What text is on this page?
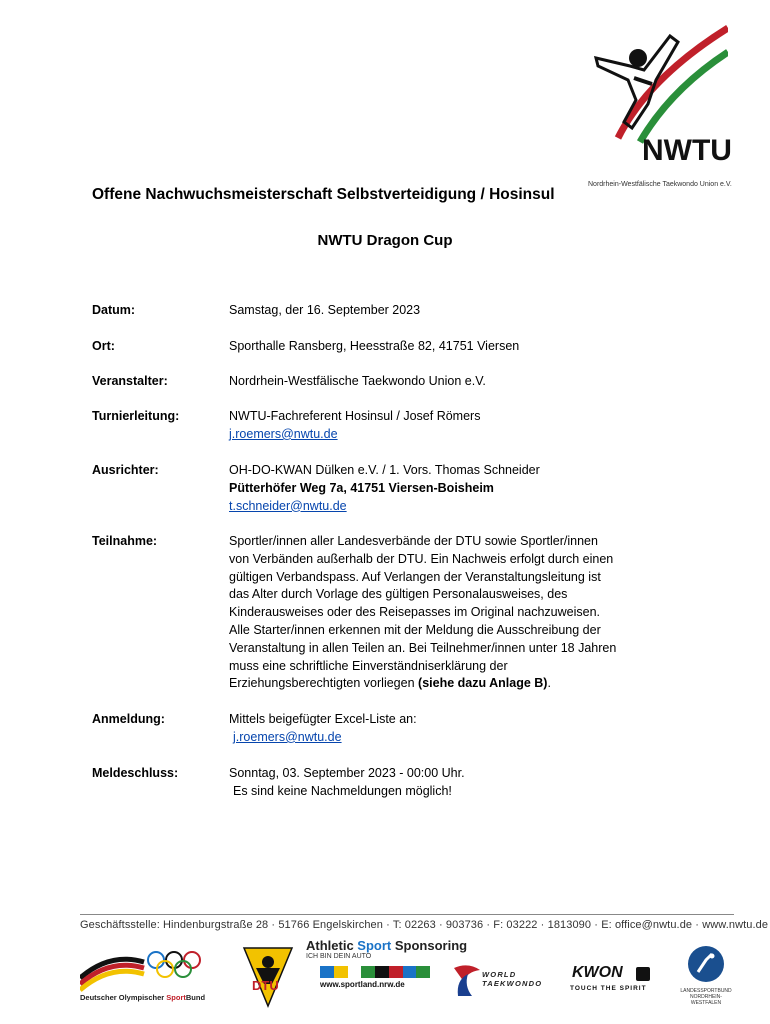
NWTU
Nordrhein-Westfälische Taekwondo Union e.V.
Offene Nachwuchsmeisterschaft Selbstverteidigung / Hosinsul
NWTU Dragon Cup
Datum:	Samstag, der 16. September 2023
Ort:	Sporthalle Ransberg, Heesstraße 82, 41751 Viersen
Veranstalter:	Nordrhein-Westfälische Taekwondo Union e.V.
Turnierleitung:	NWTU-Fachreferent Hosinsul / Josef Römers
j.roemers@nwtu.de
Ausrichter:	OH-DO-KWAN Dülken e.V. / 1. Vors. Thomas Schneider
Pütterhöfer Weg 7a, 41751 Viersen-Boisheim
t.schneider@nwtu.de
Teilnahme:	Sportler/innen aller Landesverbände der DTU sowie Sportler/innen
von Verbänden außerhalb der DTU. Ein Nachweis erfolgt durch einen
gültigen Verbandspass. Auf Verlangen der Veranstaltungsleitung ist
das Alter durch Vorlage des gültigen Personalausweises, des
Kinderausweises oder des Reisepasses im Original nachzuweisen.
Alle Starter/innen erkennen mit der Meldung die Ausschreibung der
Veranstaltung in allen Teilen an. Bei Teilnehmer/innen unter 18 Jahren
muss eine schriftliche Einverständniserklärung der
Erziehungsberechtigten vorliegen (siehe dazu Anlage B).
Anmeldung:	Mittels beigefügter Excel-Liste an:
j.roemers@nwtu.de
Meldeschluss:	Sonntag, 03. September 2023 - 00:00 Uhr.
Es sind keine Nachmeldungen möglich!
Geschäftsstelle: Hindenburgstraße 28 · 51766 Engelskirchen · T: 02263 · 903736 · F: 03222 · 1813090 · E: office@nwtu.de · www.nwtu.de
Deutscher Olympischer SportBund
DTU
Athletic Sport Sponsoring
ICH BIN DEIN AUTO
www.sportland.nrw.de
WORLD
TAEKWONDO
KWON
TOUCH THE SPIRIT	LANDESSPORTBUND
NORDRHEIN-WESTFALEN
